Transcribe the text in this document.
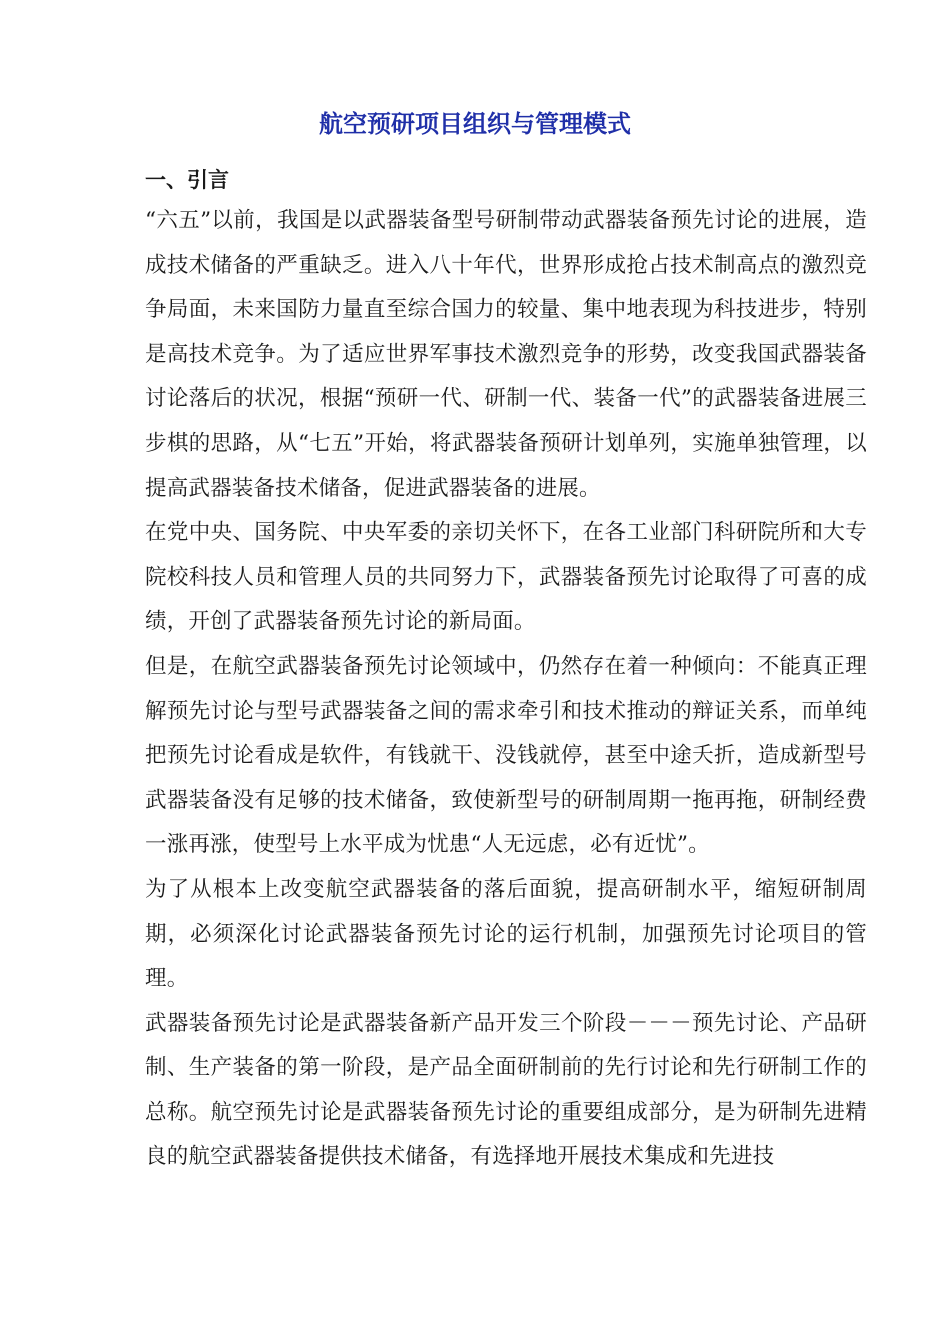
航空预研项目组织与管理模式
一、引言

“六五”以前，我国是以武器装备型号研制带动武器装备预先讨论的进展，造成技术储备的严重缺乏。进入八十年代，世界形成抢占技术制高点的激烈竞争局面，未来国防力量直至综合国力的较量、集中地表现为科技进步，特别是高技术竞争。为了适应世界军事技术激烈竞争的形势，改变我国武器装备讨论落后的状况，根据“预研一代、研制一代、装备一代”的武器装备进展三步棋的思路，从“七五”开始，将武器装备预研计划单列，实施单独管理，以提高武器装备技术储备，促进武器装备的进展。

在党中央、国务院、中央军委的亲切关怀下，在各工业部门科研院所和大专院校科技人员和管理人员的共同努力下，武器装备预先讨论取得了可喜的成绩，开创了武器装备预先讨论的新局面。

但是，在航空武器装备预先讨论领域中，仍然存在着一种倾向：不能真正理解预先讨论与型号武器装备之间的需求牵引和技术推动的辩证关系，而单纯把预先讨论看成是软件，有钱就干、没钱就停，甚至中途夭折，造成新型号武器装备没有足够的技术储备，致使新型号的研制周期一拖再拖，研制经费一涨再涨，使型号上水平成为忧患“人无远虑，必有近忧”。

为了从根本上改变航空武器装备的落后面貌，提高研制水平，缩短研制周期，必须深化讨论武器装备预先讨论的运行机制，加强预先讨论项目的管理。

武器装备预先讨论是武器装备新产品开发三个阶段－－－预先讨论、产品研制、生产装备的第一阶段，是产品全面研制前的先行讨论和先行研制工作的总称。航空预先讨论是武器装备预先讨论的重要组成部分，是为研制先进精良的航空武器装备提供技术储备，有选择地开展技术集成和先进技
